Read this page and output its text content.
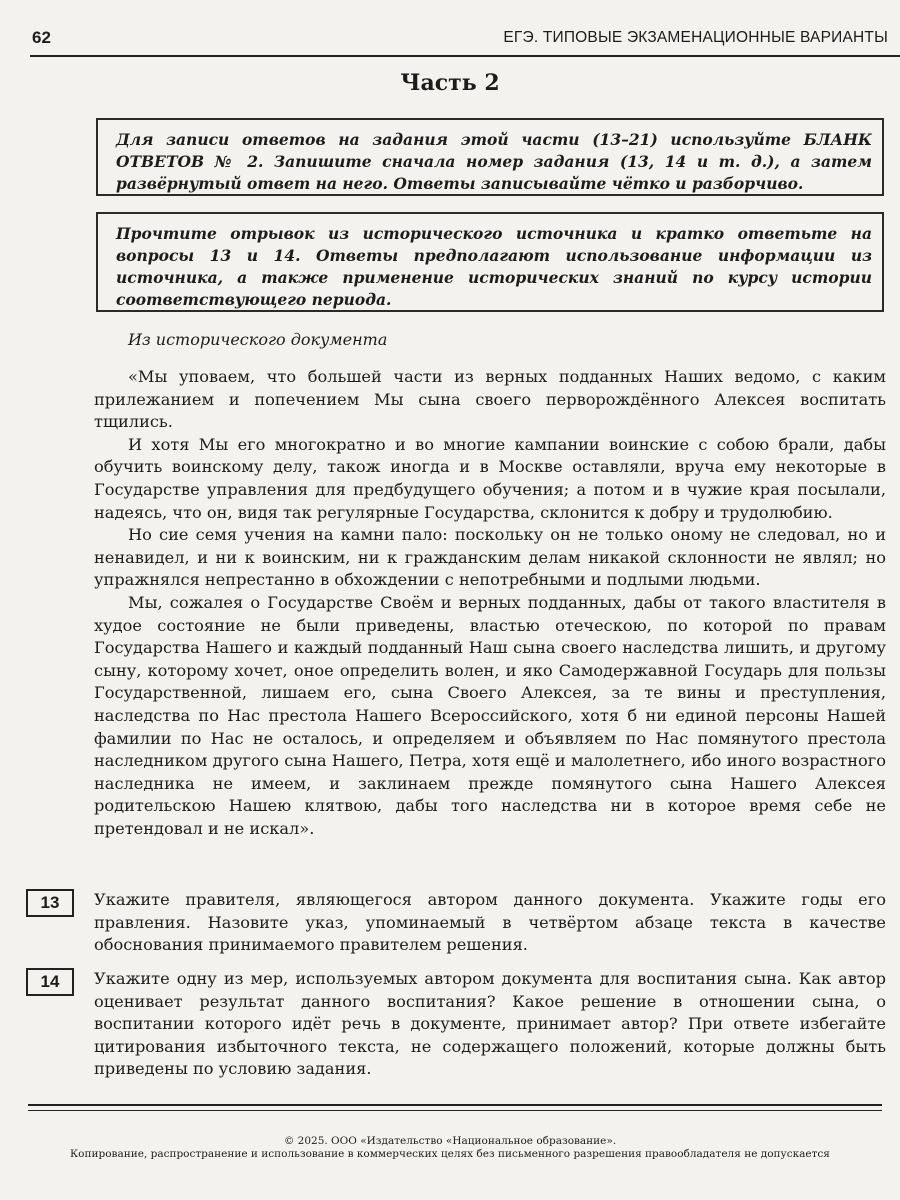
62	ЕГЭ. ТИПОВЫЕ ЭКЗАМЕНАЦИОННЫЕ ВАРИАНТЫ
Часть 2

Для записи ответов на задания этой части (13–21) используйте БЛАНК ОТВЕТОВ № 2. Запишите сначала номер задания (13, 14 и т. д.), а затем развёрнутый ответ на него. Ответы записывайте чётко и разборчиво.

Прочтите отрывок из исторического источника и кратко ответьте на вопросы 13 и 14. Ответы предполагают использование информации из источника, а также применение исторических знаний по курсу истории соответствующего периода.

Из исторического документа

«Мы уповаем, что большей части из верных подданных Наших ведомо, с каким прилежанием и попечением Мы сына своего перворождённого Алексея воспитать тщились.

И хотя Мы его многократно и во многие кампании воинские с собою брали, дабы обучить воинскому делу, також иногда и в Москве оставляли, вруча ему некоторые в Государстве управления для предбудущего обучения; а потом и в чужие края посылали, надеясь, что он, видя так регулярные Государства, склонится к добру и трудолюбию.

Но сие семя учения на камни пало: поскольку он не только оному не следовал, но и ненавидел, и ни к воинским, ни к гражданским делам никакой склонности не являл; но упражнялся непрестанно в обхождении с непотребными и подлыми людьми.

Мы, сожалея о Государстве Своём и верных подданных, дабы от такого властителя в худое состояние не были приведены, властью отеческою, по которой по правам Государства Нашего и каждый подданный Наш сына своего наследства лишить, и другому сыну, которому хочет, оное определить волен, и яко Самодержавной Государь для пользы Государственной, лишаем его, сына Своего Алексея, за те вины и преступления, наследства по Нас престола Нашего Всероссийского, хотя б ни единой персоны Нашей фамилии по Нас не осталось, и определяем и объявляем по Нас помянутого престола наследником другого сына Нашего, Петра, хотя ещё и малолетнего, ибо иного возрастного наследника не имеем, и заклинаем прежде помянутого сына Нашего Алексея родительскою Нашею клятвою, дабы того наследства ни в которое время себе не претендовал и не искал».

13	Укажите правителя, являющегося автором данного документа. Укажите годы его правления. Назовите указ, упоминаемый в четвёртом абзаце текста в качестве обоснования принимаемого правителем решения.
14	Укажите одну из мер, используемых автором документа для воспитания сына. Как автор оценивает результат данного воспитания? Какое решение в отношении сына, о воспитании которого идёт речь в документе, принимает автор? При ответе избегайте цитирования избыточного текста, не содержащего положений, которые должны быть приведены по условию задания.
© 2025. ООО «Издательство «Национальное образование».
Копирование, распространение и использование в коммерческих целях без письменного разрешения правообладателя не допускается
